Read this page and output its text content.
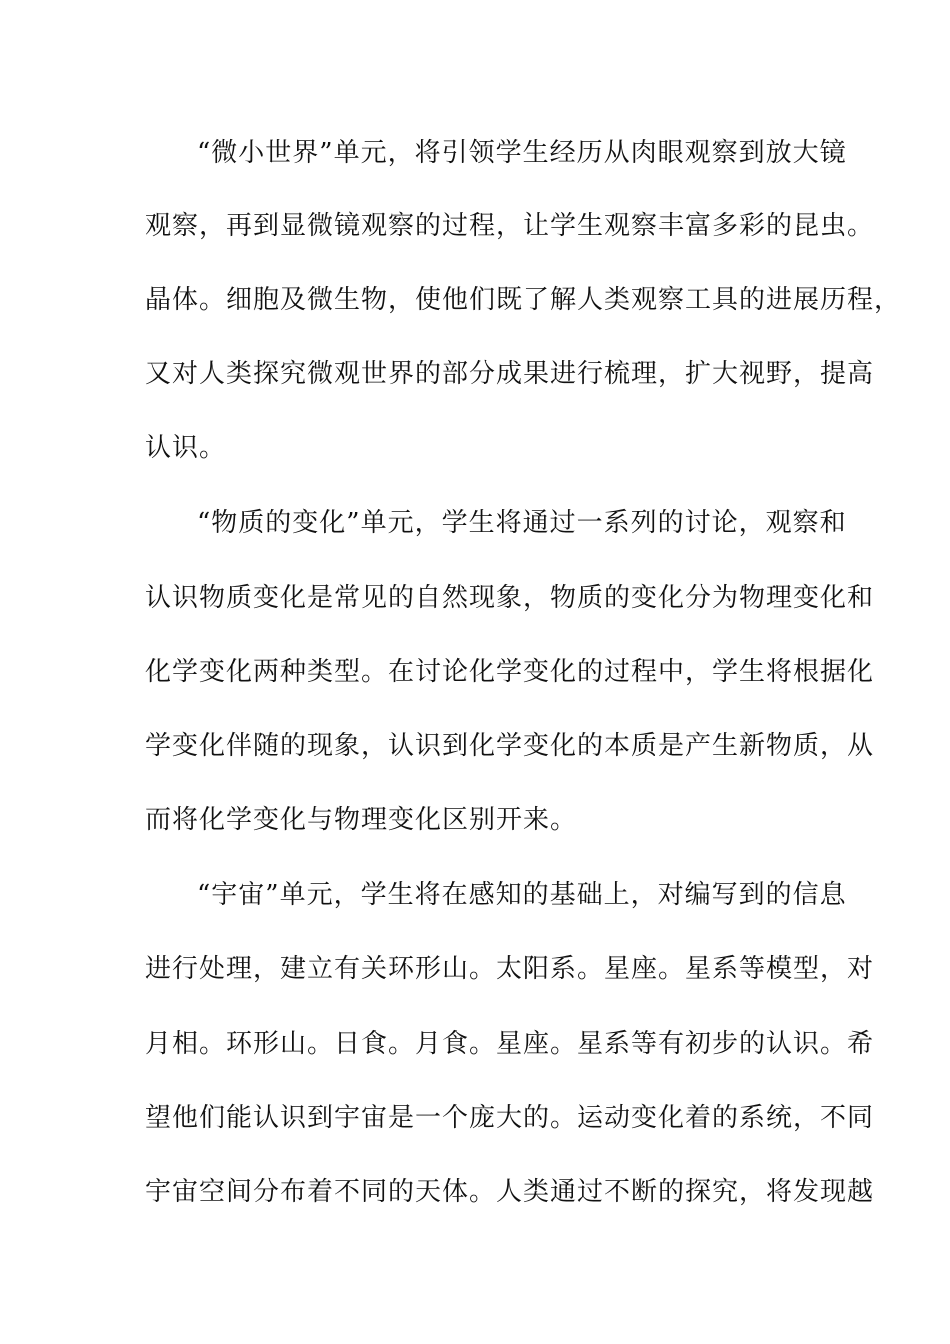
“微小世界”单元，将引领学生经历从肉眼观察到放大镜
观察，再到显微镜观察的过程，让学生观察丰富多彩的昆虫。
晶体。细胞及微生物，使他们既了解人类观察工具的进展历程，
又对人类探究微观世界的部分成果进行梳理，扩大视野，提高
认识。
“物质的变化”单元，学生将通过一系列的讨论，观察和
认识物质变化是常见的自然现象，物质的变化分为物理变化和
化学变化两种类型。在讨论化学变化的过程中，学生将根据化
学变化伴随的现象，认识到化学变化的本质是产生新物质，从
而将化学变化与物理变化区别开来。
“宇宙”单元，学生将在感知的基础上，对编写到的信息
进行处理，建立有关环形山。太阳系。星座。星系等模型，对
月相。环形山。日食。月食。星座。星系等有初步的认识。希
望他们能认识到宇宙是一个庞大的。运动变化着的系统，不同
宇宙空间分布着不同的天体。人类通过不断的探究，将发现越
